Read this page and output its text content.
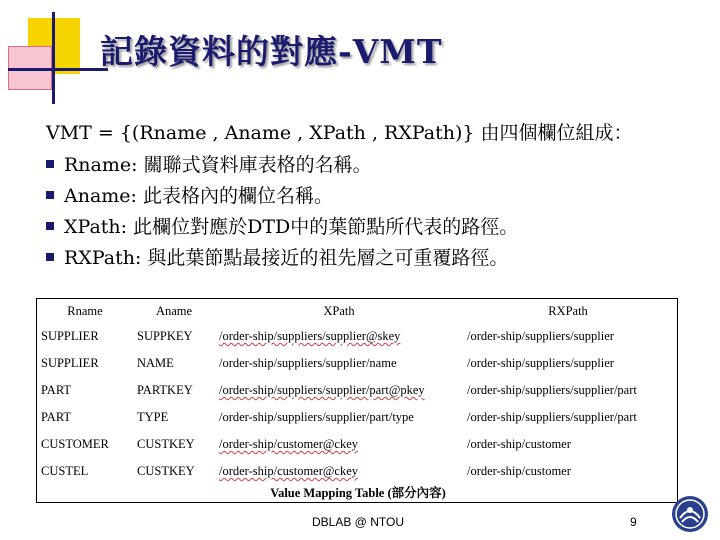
記錄資料的對應-VMT
VMT = {(Rname , Aname , XPath , RXPath)} 由四個欄位組成：
Rname: 關聯式資料庫表格的名稱。
Aname: 此表格內的欄位名稱。
XPath: 此欄位對應於DTD中的葉節點所代表的路徑。
RXPath: 與此葉節點最接近的祖先層之可重覆路徑。
Rname	Aname	XPath	RXPath
SUPPLIER	SUPPKEY	/order-ship/suppliers/supplier@skey	/order-ship/suppliers/supplier
SUPPLIER	NAME	/order-ship/suppliers/supplier/name	/order-ship/suppliers/supplier
PART	PARTKEY	/order-ship/suppliers/supplier/part@pkey	/order-ship/suppliers/supplier/part
PART	TYPE	/order-ship/suppliers/supplier/part/type	/order-ship/suppliers/supplier/part
CUSTOMER	CUSTKEY	/order-ship/customer@ckey	/order-ship/customer
CUSTEL	CUSTKEY	/order-ship/customer@ckey	/order-ship/customer
Value Mapping Table (部分內容)
DBLAB @ NTOU	9
